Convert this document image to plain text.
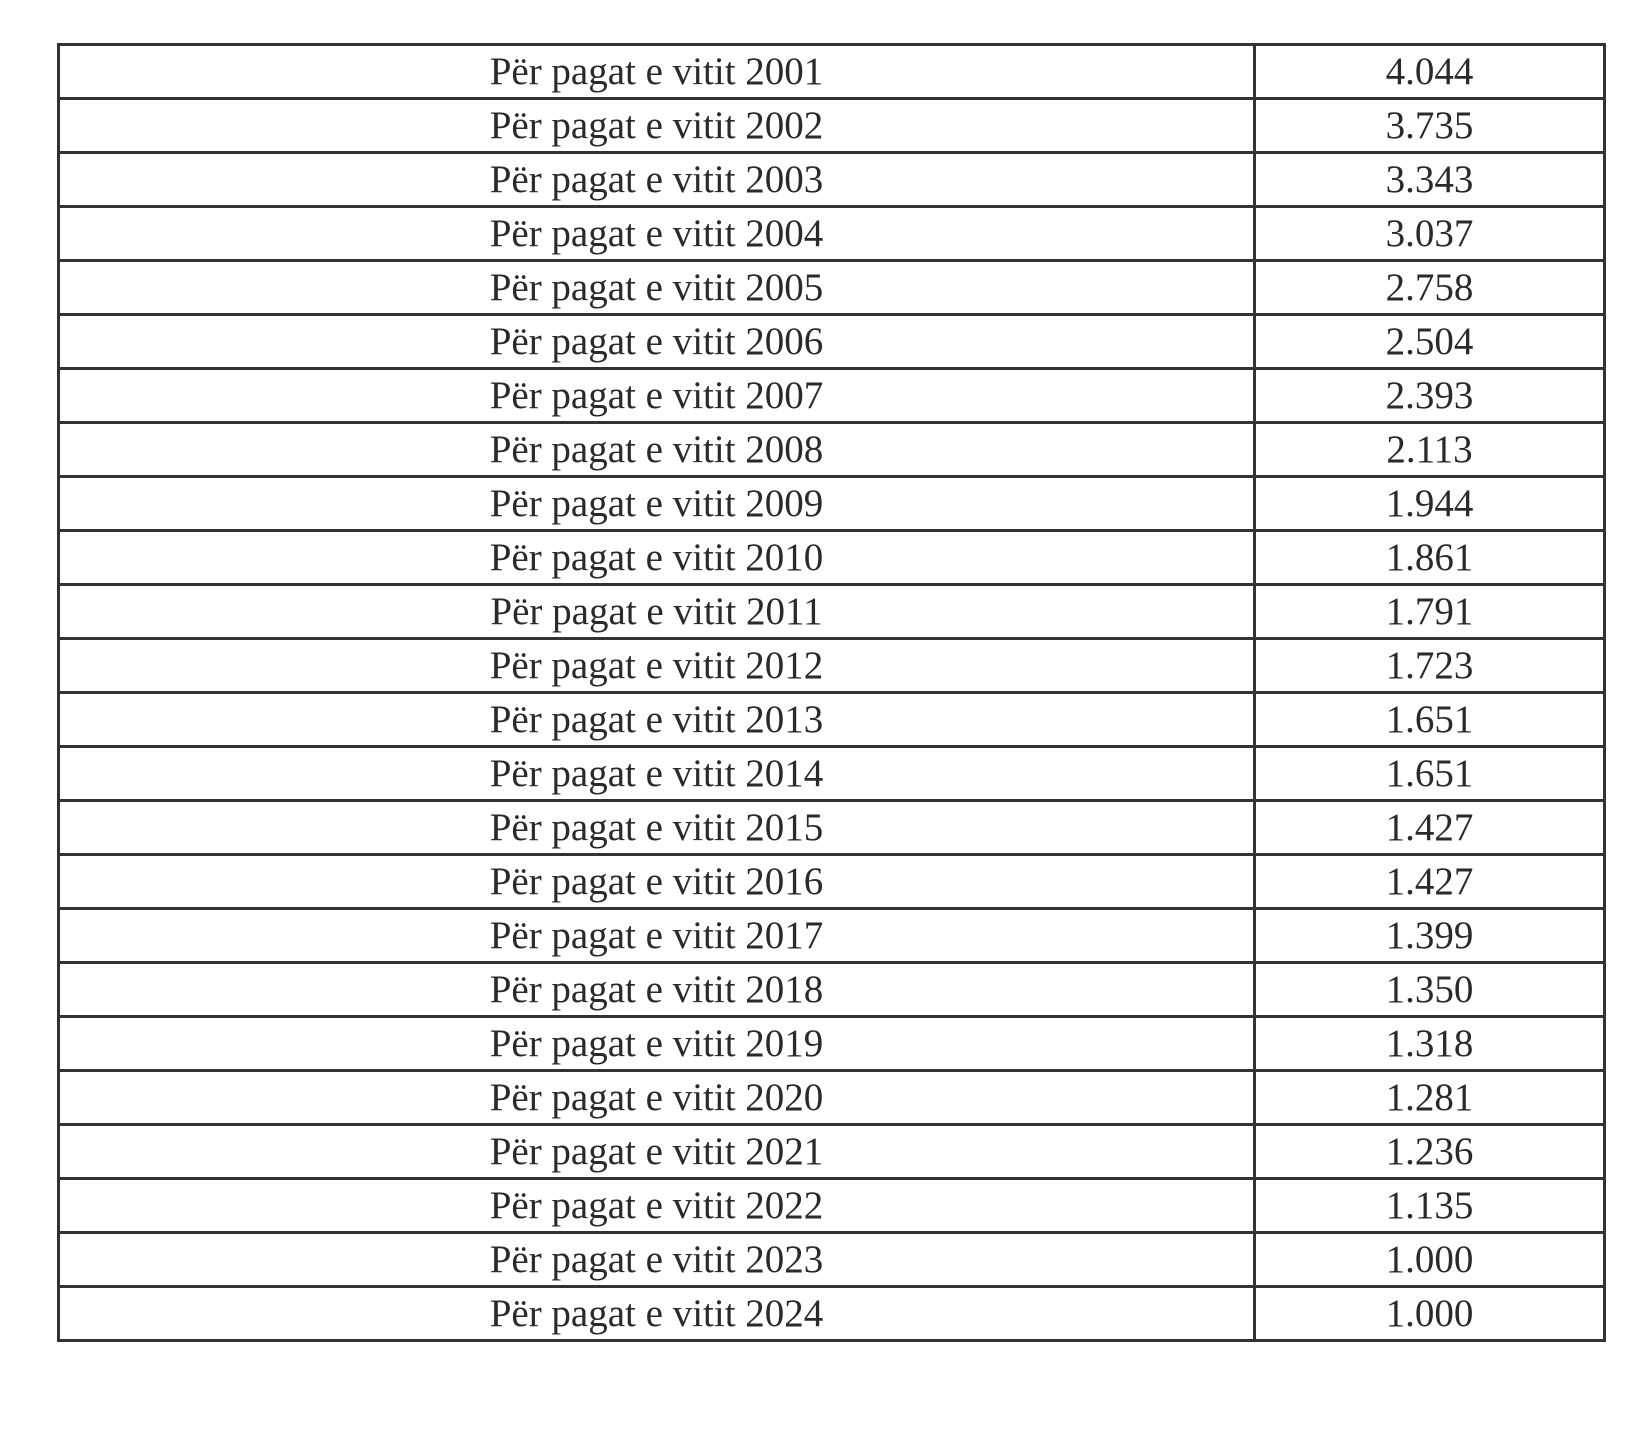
Për pagat e vitit 2001	4.044
Për pagat e vitit 2002	3.735
Për pagat e vitit 2003	3.343
Për pagat e vitit 2004	3.037
Për pagat e vitit 2005	2.758
Për pagat e vitit 2006	2.504
Për pagat e vitit 2007	2.393
Për pagat e vitit 2008	2.113
Për pagat e vitit 2009	1.944
Për pagat e vitit 2010	1.861
Për pagat e vitit 2011	1.791
Për pagat e vitit 2012	1.723
Për pagat e vitit 2013	1.651
Për pagat e vitit 2014	1.651
Për pagat e vitit 2015	1.427
Për pagat e vitit 2016	1.427
Për pagat e vitit 2017	1.399
Për pagat e vitit 2018	1.350
Për pagat e vitit 2019	1.318
Për pagat e vitit 2020	1.281
Për pagat e vitit 2021	1.236
Për pagat e vitit 2022	1.135
Për pagat e vitit 2023	1.000
Për pagat e vitit 2024	1.000
